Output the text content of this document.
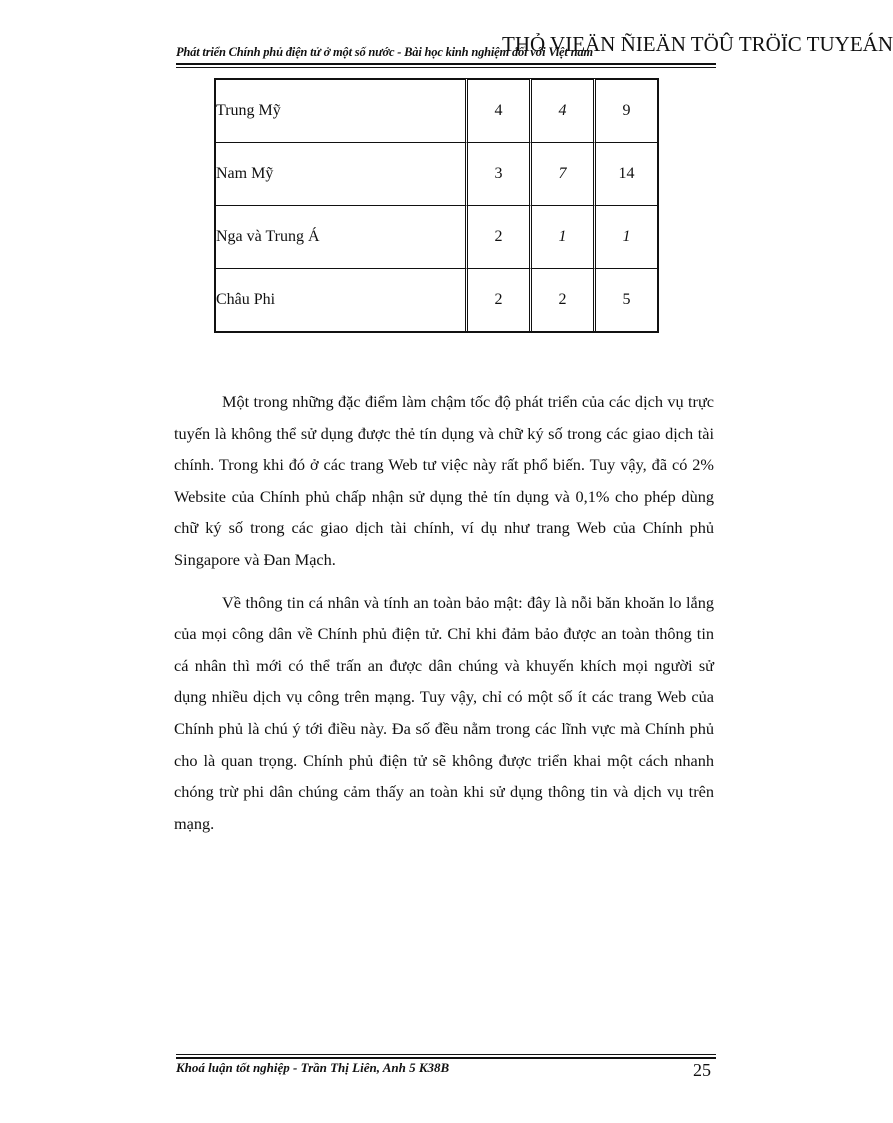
Phát triển Chính phủ điện tử ở một số nước - Bài học kinh nghiệm đối với Việt nam
THỎ VIEÄN ÑIEÄN TÖÛ TRÖÏC TUYEÁN
Trung Mỹ	4	4	9
Nam Mỹ	3	7	14
Nga và Trung Á	2	1	1
Châu Phi	2	2	5

Một trong những đặc điểm làm chậm tốc độ phát triển của các dịch vụ trực tuyến là không thể sử dụng được thẻ tín dụng và chữ ký số trong các giao dịch tài chính. Trong khi đó ở các trang Web tư việc này rất phổ biến. Tuy vậy, đã có 2% Website của Chính phủ chấp nhận sử dụng thẻ tín dụng và 0,1% cho phép dùng chữ ký số trong các giao dịch tài chính, ví dụ như trang Web của Chính phủ Singapore và Đan Mạch.

Về thông tin cá nhân và tính an toàn bảo mật: đây là nỗi băn khoăn lo lắng của mọi công dân về Chính phủ điện tử. Chỉ khi đảm bảo được an toàn thông tin cá nhân thì mới có thể trấn an được dân chúng và khuyến khích mọi người sử dụng nhiều dịch vụ công trên mạng. Tuy vậy, chỉ có một số ít các trang Web của Chính phủ là chú ý tới điều này. Đa số đều nằm trong các lĩnh vực mà Chính phủ cho là quan trọng. Chính phủ điện tử sẽ không được triển khai một cách nhanh chóng trừ phi dân chúng cảm thấy an toàn khi sử dụng thông tin và dịch vụ trên mạng.

Khoá luận tốt nghiệp - Trần Thị Liên, Anh 5 K38B	25
